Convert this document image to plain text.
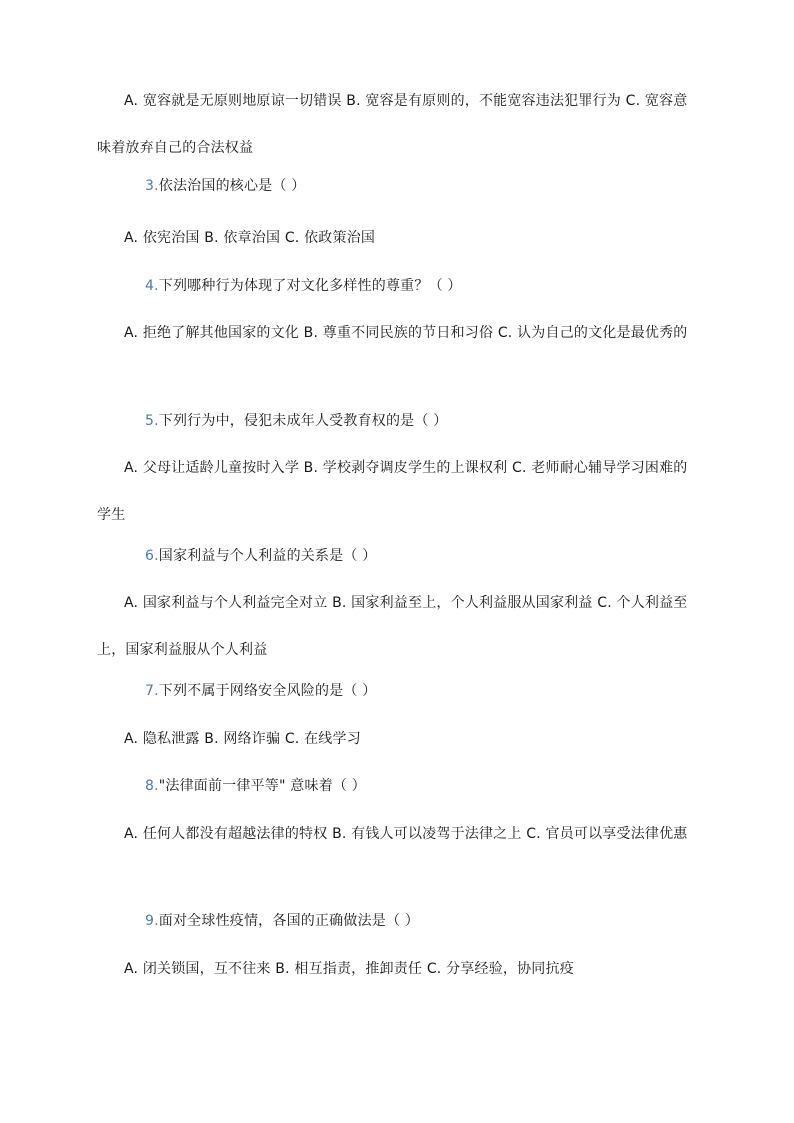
A. 宽容就是无原则地原谅一切错误 B. 宽容是有原则的，不能宽容违法犯罪行为 C. 宽容意味着放弃自己的合法权益
3.依法治国的核心是（ ）
A. 依宪治国 B. 依章治国 C. 依政策治国
4.下列哪种行为体现了对文化多样性的尊重？（ ）
A. 拒绝了解其他国家的文化 B. 尊重不同民族的节日和习俗 C. 认为自己的文化是最优秀的
5.下列行为中，侵犯未成年人受教育权的是（ ）
A. 父母让适龄儿童按时入学 B. 学校剥夺调皮学生的上课权利 C. 老师耐心辅导学习困难的学生
6.国家利益与个人利益的关系是（ ）
A. 国家利益与个人利益完全对立 B. 国家利益至上，个人利益服从国家利益 C. 个人利益至上，国家利益服从个人利益
7.下列不属于网络安全风险的是（ ）
A. 隐私泄露 B. 网络诈骗 C. 在线学习
8."法律面前一律平等" 意味着（ ）
A. 任何人都没有超越法律的特权 B. 有钱人可以凌驾于法律之上 C. 官员可以享受法律优惠
9.面对全球性疫情，各国的正确做法是（ ）
A. 闭关锁国，互不往来 B. 相互指责，推卸责任 C. 分享经验，协同抗疫
